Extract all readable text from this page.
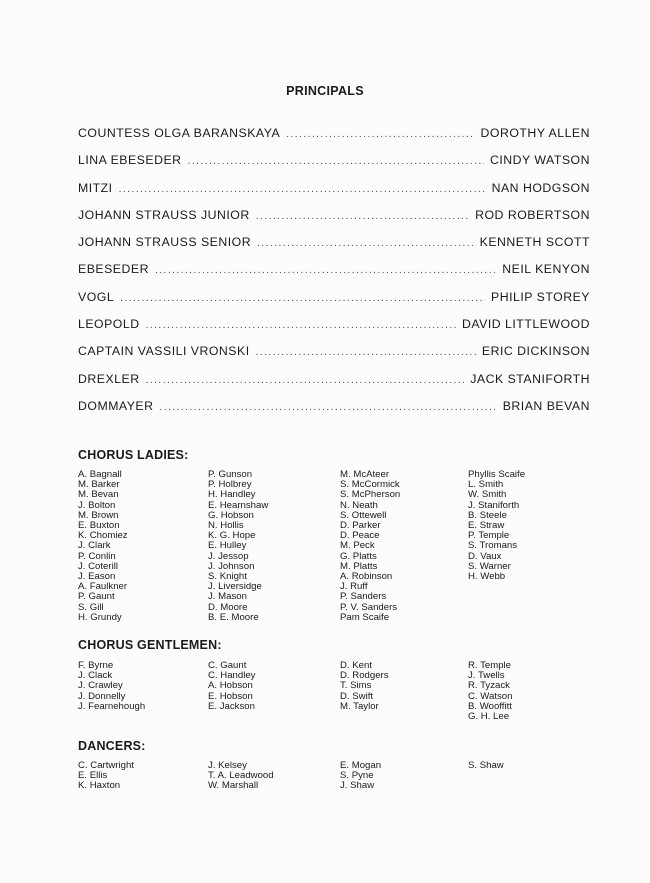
PRINCIPALS
COUNTESS OLGA BARANSKAYA .....	DOROTHY ALLEN
LINA EBESEDER .....	CINDY WATSON
MITZI .....	NAN HODGSON
JOHANN STRAUSS JUNIOR .....	ROD ROBERTSON
JOHANN STRAUSS SENIOR .....	KENNETH SCOTT
EBESEDER .....	NEIL KENYON
VOGL .....	PHILIP STOREY
LEOPOLD .....	DAVID LITTLEWOOD
CAPTAIN VASSILI VRONSKI .....	ERIC DICKINSON
DREXLER .....	JACK STANIFORTH
DOMMAYER .....	BRIAN BEVAN
CHORUS LADIES:
A. Bagnall
M. Barker
M. Bevan
J. Bolton
M. Brown
E. Buxton
K. Chomiez
J. Clark
P. Conlin
J. Coterill
J. Eason
A. Faulkner
P. Gaunt
S. Gill
H. Grundy
P. Gunson
P. Holbrey
H. Handley
E. Hearnshaw
G. Hobson
N. Hollis
K. G. Hope
E. Hulley
J. Jessop
J. Johnson
S. Knight
J. Liversidge
J. Mason
D. Moore
B. E. Moore
M. McAteer
S. McCormick
S. McPherson
N. Neath
S. Ottewell
D. Parker
D. Peace
M. Peck
G. Platts
M. Platts
A. Robinson
J. Ruff
P. Sanders
P. V. Sanders
Pam Scaife
Phyllis Scaife
L. Smith
W. Smith
J. Staniforth
B. Steele
E. Straw
P. Temple
S. Tromans
D. Vaux
S. Warner
H. Webb
CHORUS GENTLEMEN:
F. Byrne
J. Clack
J. Crawley
J. Donnelly
J. Fearnehough
C. Gaunt
C. Handley
A. Hobson
E. Hobson
E. Jackson
D. Kent
D. Rodgers
T. Sims
D. Swift
M. Taylor
R. Temple
J. Twells
R. Tyzack
C. Watson
B. Wooffitt
G. H. Lee
DANCERS:
C. Cartwright
E. Ellis
K. Haxton
J. Kelsey
T. A. Leadwood
W. Marshall
E. Mogan
S. Pyne
J. Shaw
S. Shaw
